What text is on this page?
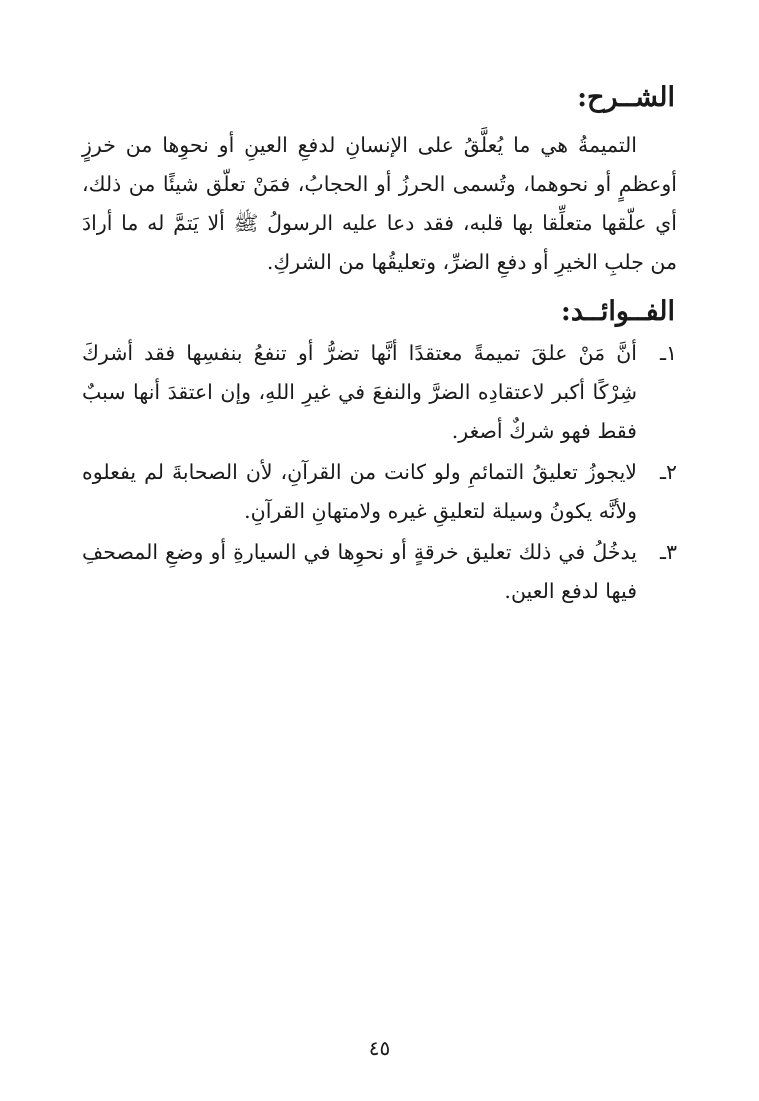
الشــرح:

التميمةُ هي ما يُعلَّقُ على الإنسانِ لدفعِ العينِ أو نحوِها من خرزٍ أوعظمٍ أو نحوهما، وتُسمى الحرزُ أو الحجابُ، فمَنْ تعلّق شيئًا من ذلك، أي علّقها متعلِّقا بها قلبه، فقد دعا عليه الرسولُ ﷺ ألا يَتمَّ له ما أرادَ من جلبِ الخيرِ أو دفعِ الضرِّ، وتعليقُها من الشركِ.

الفــوائــد:
١ـ
أنَّ مَنْ علقَ تميمةً معتقدًا أنَّها تضرُّ أو تنفعُ بنفسِها فقد أشركَ شِرْكًا أكبر لاعتقادِه الضرَّ والنفعَ في غيرِ اللهِ، وإن اعتقدَ أنها سببٌ فقط فهو شركٌ أصغر.
٢ـ
لايجوزُ تعليقُ التمائمِ ولو كانت من القرآنِ، لأن الصحابةَ لم يفعلوه ولأنَّه يكونُ وسيلة لتعليقِ غيره ولامتهانِ القرآنِ.
٣ـ
يدخُلُ في ذلك تعليق خرقةٍ أو نحوِها في السيارةِ أو وضعِ المصحفِ فيها لدفع العين.
٤٥
